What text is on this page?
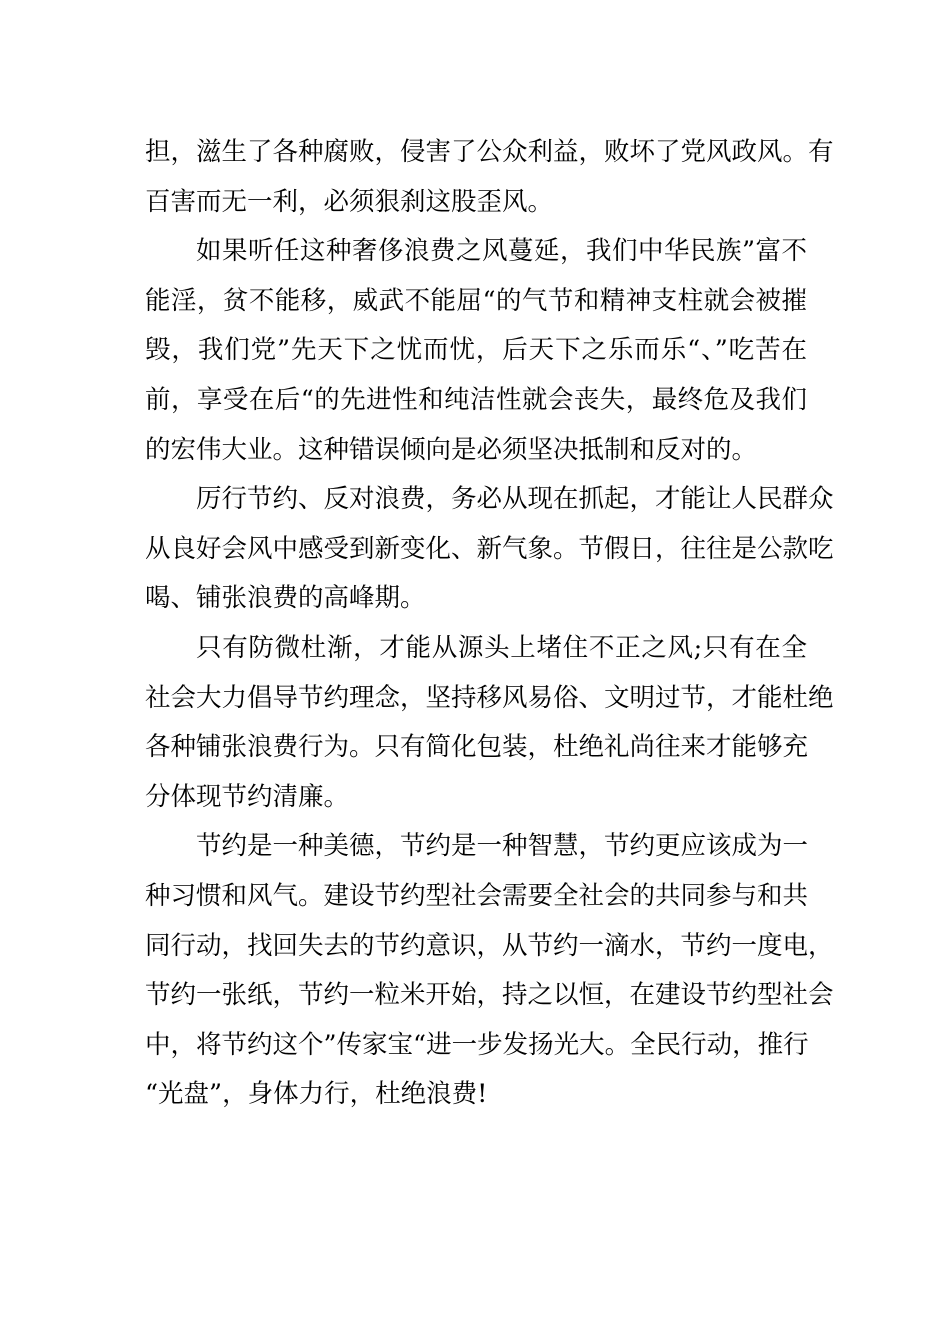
担，滋生了各种腐败，侵害了公众利益，败坏了党风政风。有
百害而无一利，必须狠刹这股歪风。
如果听任这种奢侈浪费之风蔓延，我们中华民族”富不
能淫，贫不能移，威武不能屈“的气节和精神支柱就会被摧
毁，我们党”先天下之忧而忧，后天下之乐而乐“、”吃苦在
前，享受在后“的先进性和纯洁性就会丧失，最终危及我们
的宏伟大业。这种错误倾向是必须坚决抵制和反对的。
厉行节约、反对浪费，务必从现在抓起，才能让人民群众
从良好会风中感受到新变化、新气象。节假日，往往是公款吃
喝、铺张浪费的高峰期。
只有防微杜渐，才能从源头上堵住不正之风;只有在全
社会大力倡导节约理念，坚持移风易俗、文明过节，才能杜绝
各种铺张浪费行为。只有简化包装，杜绝礼尚往来才能够充
分体现节约清廉。
节约是一种美德，节约是一种智慧，节约更应该成为一
种习惯和风气。建设节约型社会需要全社会的共同参与和共
同行动，找回失去的节约意识，从节约一滴水，节约一度电，
节约一张纸，节约一粒米开始，持之以恒，在建设节约型社会
中，将节约这个”传家宝“进一步发扬光大。全民行动，推行
“光盘”，身体力行，杜绝浪费!
